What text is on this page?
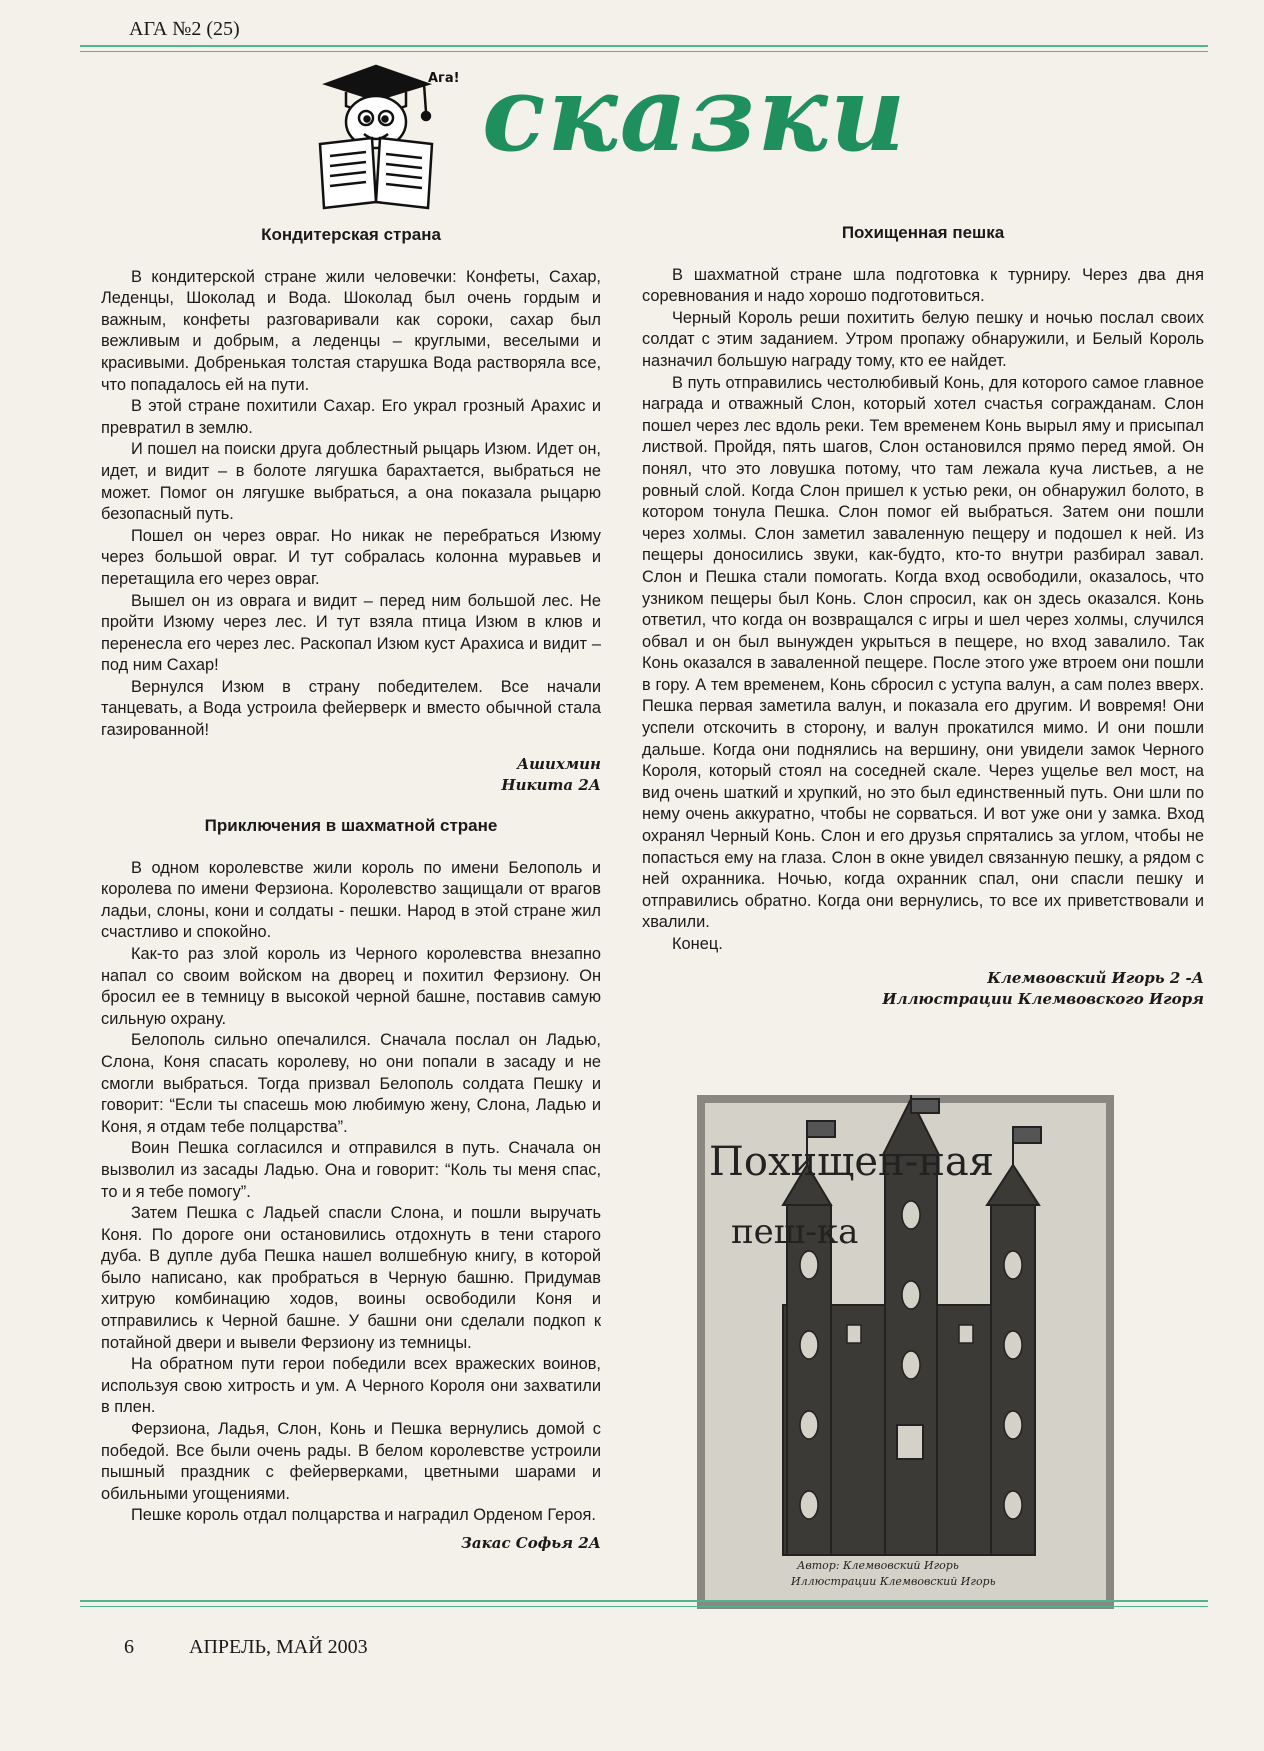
АГА №2 (25)
Ага! сказки
Кондитерская страна

В кондитерской стране жили человечки: Конфеты, Сахар, Леденцы, Шоколад и Вода. Шоколад был очень гордым и важным, конфеты разговаривали как сороки, сахар был вежливым и добрым, а леденцы – круглыми, веселыми и красивыми. Добренькая толстая старушка Вода растворяла все, что попадалось ей на пути.

В этой стране похитили Сахар. Его украл грозный Арахис и превратил в землю.

И пошел на поиски друга доблестный рыцарь Изюм. Идет он, идет, и видит – в болоте лягушка барахтается, выбраться не может. Помог он лягушке выбраться, а она показала рыцарю безопасный путь.

Пошел он через овраг. Но никак не перебраться Изюму через большой овраг. И тут собралась колонна муравьев и перетащила его через овраг.

Вышел он из оврага и видит – перед ним большой лес. Не пройти Изюму через лес. И тут взяла птица Изюм в клюв и перенесла его через лес. Раскопал Изюм куст Арахиса и видит – под ним Сахар!

Вернулся Изюм в страну победителем. Все начали танцевать, а Вода устроила фейерверк и вместо обычной стала газированной!

Ашихмин
Никита 2А
Приключения в шахматной стране

В одном королевстве жили король по имени Белополь и королева по имени Ферзиона. Королевство защищали от врагов ладьи, слоны, кони и солдаты - пешки. Народ в этой стране жил счастливо и спокойно.

Как-то раз злой король из Черного королевства внезапно напал со своим войском на дворец и похитил Ферзиону. Он бросил ее в темницу в высокой черной башне, поставив самую сильную охрану.

Белополь сильно опечалился. Сначала послал он Ладью, Слона, Коня спасать королеву, но они попали в засаду и не смогли выбраться. Тогда призвал Белополь солдата Пешку и говорит: “Если ты спасешь мою любимую жену, Слона, Ладью и Коня, я отдам тебе полцарства”.

Воин Пешка согласился и отправился в путь. Сначала он вызволил из засады Ладью. Она и говорит: “Коль ты меня спас, то и я тебе помогу”.

Затем Пешка с Ладьей спасли Слона, и пошли выручать Коня. По дороге они остановились отдохнуть в тени старого дуба. В дупле дуба Пешка нашел волшебную книгу, в которой было написано, как пробраться в Черную башню. Придумав хитрую комбинацию ходов, воины освободили Коня и отправились к Черной башне. У башни они сделали подкоп к потайной двери и вывели Ферзиону из темницы.

На обратном пути герои победили всех вражеских воинов, используя свою хитрость и ум. А Черного Короля они захватили в плен.

Ферзиона, Ладья, Слон, Конь и Пешка вернулись домой с победой. Все были очень рады. В белом королевстве устроили пышный праздник с фейерверками, цветными шарами и обильными угощениями.

Пешке король отдал полцарства и наградил Орденом Героя.

Закас Софья 2А
Похищенная пешка

В шахматной стране шла подготовка к турниру. Через два дня соревнования и надо хорошо подготовиться.

Черный Король реши похитить белую пешку и ночью послал своих солдат с этим заданием. Утром пропажу обнаружили, и Белый Король назначил большую награду тому, кто ее найдет.

В путь отправились честолюбивый Конь, для которого самое главное награда и отважный Слон, который хотел счастья согражданам. Слон пошел через лес вдоль реки. Тем временем Конь вырыл яму и присыпал листвой. Пройдя, пять шагов, Слон остановился прямо перед ямой. Он понял, что это ловушка потому, что там лежала куча листьев, а не ровный слой. Когда Слон пришел к устью реки, он обнаружил болото, в котором тонула Пешка. Слон помог ей выбраться. Затем они пошли через холмы. Слон заметил заваленную пещеру и подошел к ней. Из пещеры доносились звуки, как-будто, кто-то внутри разбирал завал. Слон и Пешка стали помогать. Когда вход освободили, оказалось, что узником пещеры был Конь. Слон спросил, как он здесь оказался. Конь ответил, что когда он возвращался с игры и шел через холмы, случился обвал и он был вынужден укрыться в пещере, но вход завалило. Так Конь оказался в заваленной пещере. После этого уже втроем они пошли в гору. А тем временем, Конь сбросил с уступа валун, а сам полез вверх. Пешка первая заметила валун, и показала его другим. И вовремя! Они успели отскочить в сторону, и валун прокатился мимо. И они пошли дальше. Когда они поднялись на вершину, они увидели замок Черного Короля, который стоял на соседней скале. Через ущелье вел мост, на вид очень шаткий и хрупкий, но это был единственный путь. Они шли по нему очень аккуратно, чтобы не сорваться. И вот уже они у замка. Вход охранял Черный Конь. Слон и его друзья спрятались за углом, чтобы не попасться ему на глаза. Слон в окне увидел связанную пешку, а рядом с ней охранника. Ночью, когда охранник спал, они спасли пешку и отправились обратно. Когда они вернулись, то все их приветствовали и хвалили.

Конец.

Клемвовский Игорь 2 -А
Иллюстрации Клемвовского Игоря
Похищен-ная
пеш-ка
Автор: Клемвовский Игорь
Иллюстрации Клемвовский Игорь
6	АПРЕЛЬ, МАЙ 2003
